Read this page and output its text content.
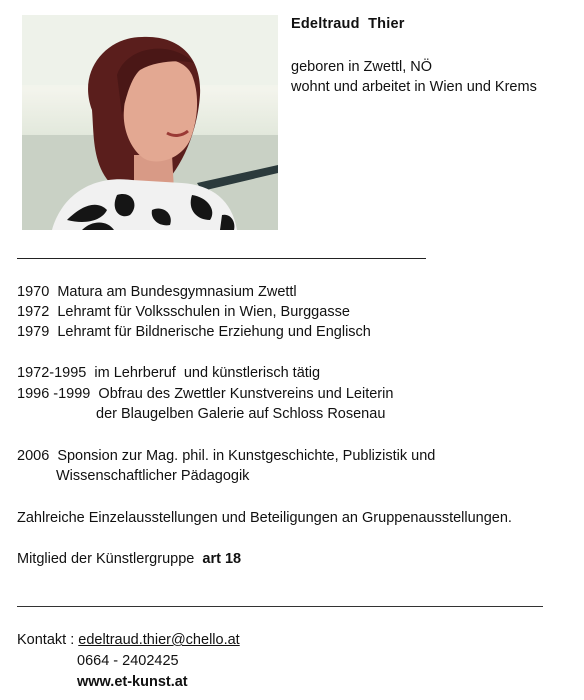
Edeltraud  Thier
geboren in Zwettl, NÖ
wohnt und arbeitet in Wien und Krems
1970  Matura am Bundesgymnasium Zwettl
1972  Lehramt für Volksschulen in Wien, Burggasse
1979  Lehramt für Bildnerische Erziehung und Englisch
1972-1995  im Lehrberuf  und künstlerisch tätig
1996 -1999  Obfrau des Zwettler Kunstvereins und Leiterin
der Blaugelben Galerie auf Schloss Rosenau
2006  Sponsion zur Mag. phil. in Kunstgeschichte, Publizistik und
Wissenschaftlicher Pädagogik
Zahlreiche Einzelausstellungen und Beteiligungen an Gruppenausstellungen.
Mitglied der Künstlergruppe  art 18
Kontakt : edeltraud.thier@chello.at
0664 - 2402425
www.et-kunst.at
